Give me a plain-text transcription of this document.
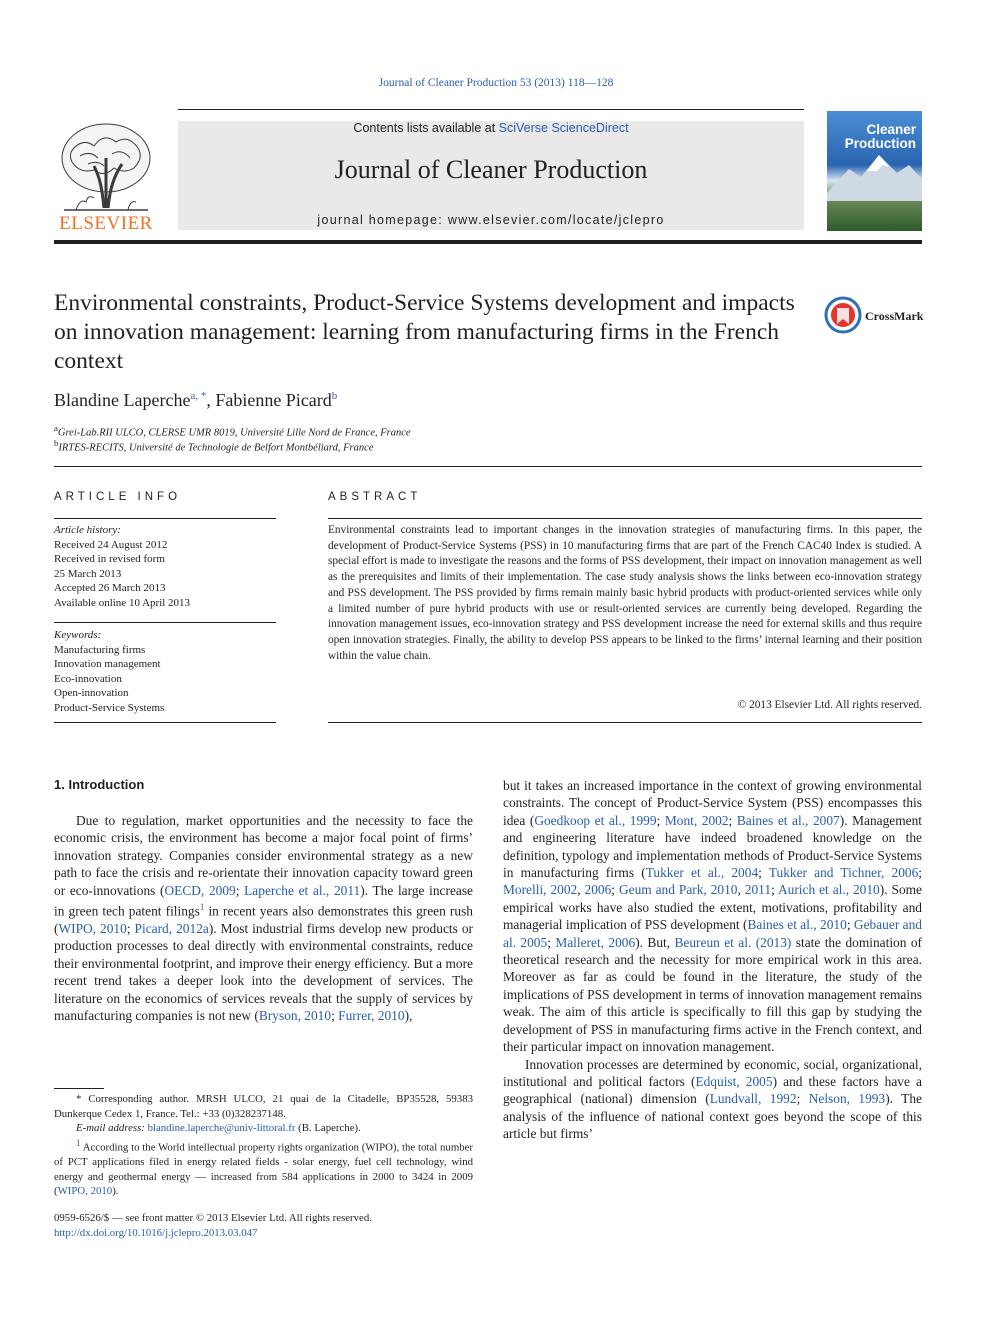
Journal of Cleaner Production 53 (2013) 118—128
ELSEVIER
Contents lists available at SciVerse ScienceDirect
Journal of Cleaner Production
journal homepage: www.elsevier.com/locate/jclepro
Cleaner
Production
Environmental constraints, Product-Service Systems development and impacts on innovation management: learning from manufacturing firms in the French context
CrossMark
Blandine Laperche$^{a, *}$, Fabienne Picard$^b$
$^a$Grei-Lab.RII ULCO, CLERSE UMR 8019, Université Lille Nord de France, France
$^b$IRTES-RECITS, Université de Technologie de Belfort Montbéliard, France
ARTICLE INFO
Article history:
Received 24 August 2012
Received in revised form
25 March 2013
Accepted 26 March 2013
Available online 10 April 2013
Keywords:
Manufacturing firms
Innovation management
Eco-innovation
Open-innovation
Product-Service Systems
ABSTRACT
Environmental constraints lead to important changes in the innovation strategies of manufacturing firms. In this paper, the development of Product-Service Systems (PSS) in 10 manufacturing firms that are part of the French CAC40 Index is studied. A special effort is made to investigate the reasons and the forms of PSS development, their impact on innovation management as well as the prerequisites and limits of their implementation. The case study analysis shows the links between eco-innovation strategy and PSS development. The PSS provided by firms remain mainly basic hybrid products with product-oriented services while only a limited number of pure hybrid products with use or result-oriented services are currently being developed. Regarding the innovation management issues, eco-innovation strategy and PSS development increase the need for external skills and thus require open innovation strategies. Finally, the ability to develop PSS appears to be linked to the firms’ internal learning and their position within the value chain.
© 2013 Elsevier Ltd. All rights reserved.
1. Introduction

Due to regulation, market opportunities and the necessity to face the economic crisis, the environment has become a major focal point of firms’ innovation strategy. Companies consider environmental strategy as a new path to face the crisis and re-orientate their innovation capacity toward green or eco-innovations (OECD, 2009; Laperche et al., 2011). The large increase in green tech patent filings$^1$ in recent years also demonstrates this green rush (WIPO, 2010; Picard, 2012a). Most industrial firms develop new products or production processes to deal directly with environmental constraints, reduce their environmental footprint, and improve their energy efficiency. But a more recent trend takes a deeper look into the development of services. The literature on the economics of services reveals that the supply of services by manufacturing companies is not new (Bryson, 2010; Furrer, 2010),

but it takes an increased importance in the context of growing environmental constraints. The concept of Product-Service System (PSS) encompasses this idea (Goedkoop et al., 1999; Mont, 2002; Baines et al., 2007). Management and engineering literature have indeed broadened knowledge on the definition, typology and implementation methods of Product-Service Systems in manufacturing firms (Tukker et al., 2004; Tukker and Tichner, 2006; Morelli, 2002, 2006; Geum and Park, 2010, 2011; Aurich et al., 2010). Some empirical works have also studied the extent, motivations, profitability and managerial implication of PSS development (Baines et al., 2010; Gebauer and al. 2005; Malleret, 2006). But, Beureun et al. (2013) state the domination of theoretical research and the necessity for more empirical work in this area. Moreover as far as could be found in the literature, the study of the implications of PSS development in terms of innovation management remains weak. The aim of this article is specifically to fill this gap by studying the development of PSS in manufacturing firms active in the French context, and their particular impact on innovation management.

Innovation processes are determined by economic, social, organizational, institutional and political factors (Edquist, 2005) and these factors have a geographical (national) dimension (Lundvall, 1992; Nelson, 1993). The analysis of the influence of national context goes beyond the scope of this article but firms’

* Corresponding author. MRSH ULCO, 21 quai de la Citadelle, BP35528, 59383 Dunkerque Cedex 1, France. Tel.: +33 (0)328237148.

E-mail address: blandine.laperche@univ-littoral.fr (B. Laperche).

$^1$ According to the World intellectual property rights organization (WIPO), the total number of PCT applications filed in energy related fields - solar energy, fuel cell technology, wind energy and geothermal energy — increased from 584 applications in 2000 to 3424 in 2009 (WIPO, 2010).

0959-6526/$ — see front matter © 2013 Elsevier Ltd. All rights reserved.
http://dx.doi.org/10.1016/j.jclepro.2013.03.047
